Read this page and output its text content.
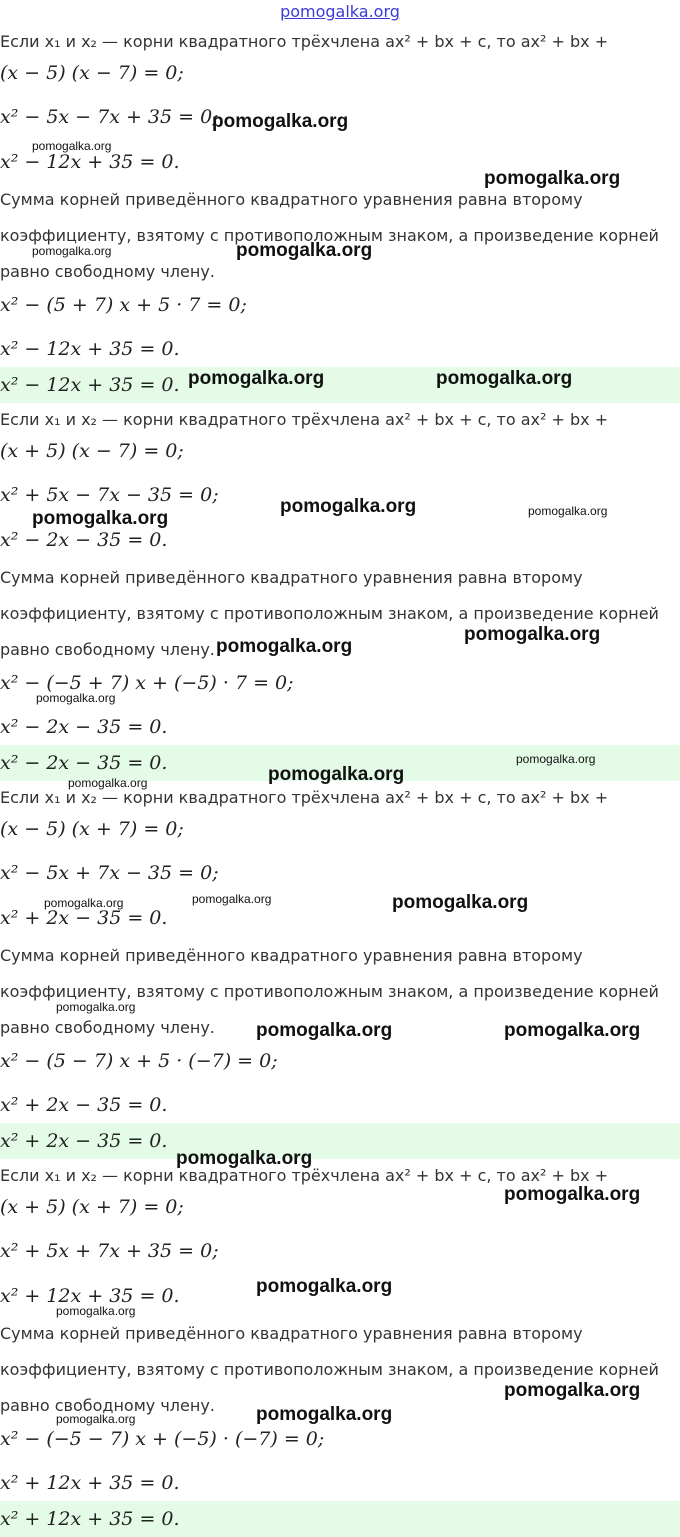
pomogalka.org
Если x₁ и x₂ — корни квадратного трёхчлена ax² + bx + c, то ax² + bx +
(x − 5) (x − 7) = 0;
x² − 5x − 7x + 35 = 0;
x² − 12x + 35 = 0.
Сумма корней приведённого квадратного уравнения равна второму
коэффициенту, взятому с противоположным знаком, а произведение корней
равно свободному члену.
x² − (5 + 7) x + 5 · 7 = 0;
x² − 12x + 35 = 0.
x² − 12x + 35 = 0.
Если x₁ и x₂ — корни квадратного трёхчлена ax² + bx + c, то ax² + bx +
(x + 5) (x − 7) = 0;
x² + 5x − 7x − 35 = 0;
x² − 2x − 35 = 0.
Сумма корней приведённого квадратного уравнения равна второму
коэффициенту, взятому с противоположным знаком, а произведение корней
равно свободному члену.
x² − (−5 + 7) x + (−5) · 7 = 0;
x² − 2x − 35 = 0.
x² − 2x − 35 = 0.
Если x₁ и x₂ — корни квадратного трёхчлена ax² + bx + c, то ax² + bx +
(x − 5) (x + 7) = 0;
x² − 5x + 7x − 35 = 0;
x² + 2x − 35 = 0.
Сумма корней приведённого квадратного уравнения равна второму
коэффициенту, взятому с противоположным знаком, а произведение корней
равно свободному члену.
x² − (5 − 7) x + 5 · (−7) = 0;
x² + 2x − 35 = 0.
x² + 2x − 35 = 0.
Если x₁ и x₂ — корни квадратного трёхчлена ax² + bx + c, то ax² + bx +
(x + 5) (x + 7) = 0;
x² + 5x + 7x + 35 = 0;
x² + 12x + 35 = 0.
Сумма корней приведённого квадратного уравнения равна второму
коэффициенту, взятому с противоположным знаком, а произведение корней
равно свободному члену.
x² − (−5 − 7) x + (−5) · (−7) = 0;
x² + 12x + 35 = 0.
x² + 12x + 35 = 0.
pomogalka.org
pomogalka.org
pomogalka.org
pomogalka.org	pomogalka.org
pomogalka.org	pomogalka.org
pomogalka.org	pomogalka.org
pomogalka.org
pomogalka.org
pomogalka.org
pomogalka.org
pomogalka.org
pomogalka.org
pomogalka.org
pomogalka.org	pomogalka.org
pomogalka.org
pomogalka.org
pomogalka.org	pomogalka.org
pomogalka.org
pomogalka.org
pomogalka.org
pomogalka.org
pomogalka.org
pomogalka.org
pomogalka.org
